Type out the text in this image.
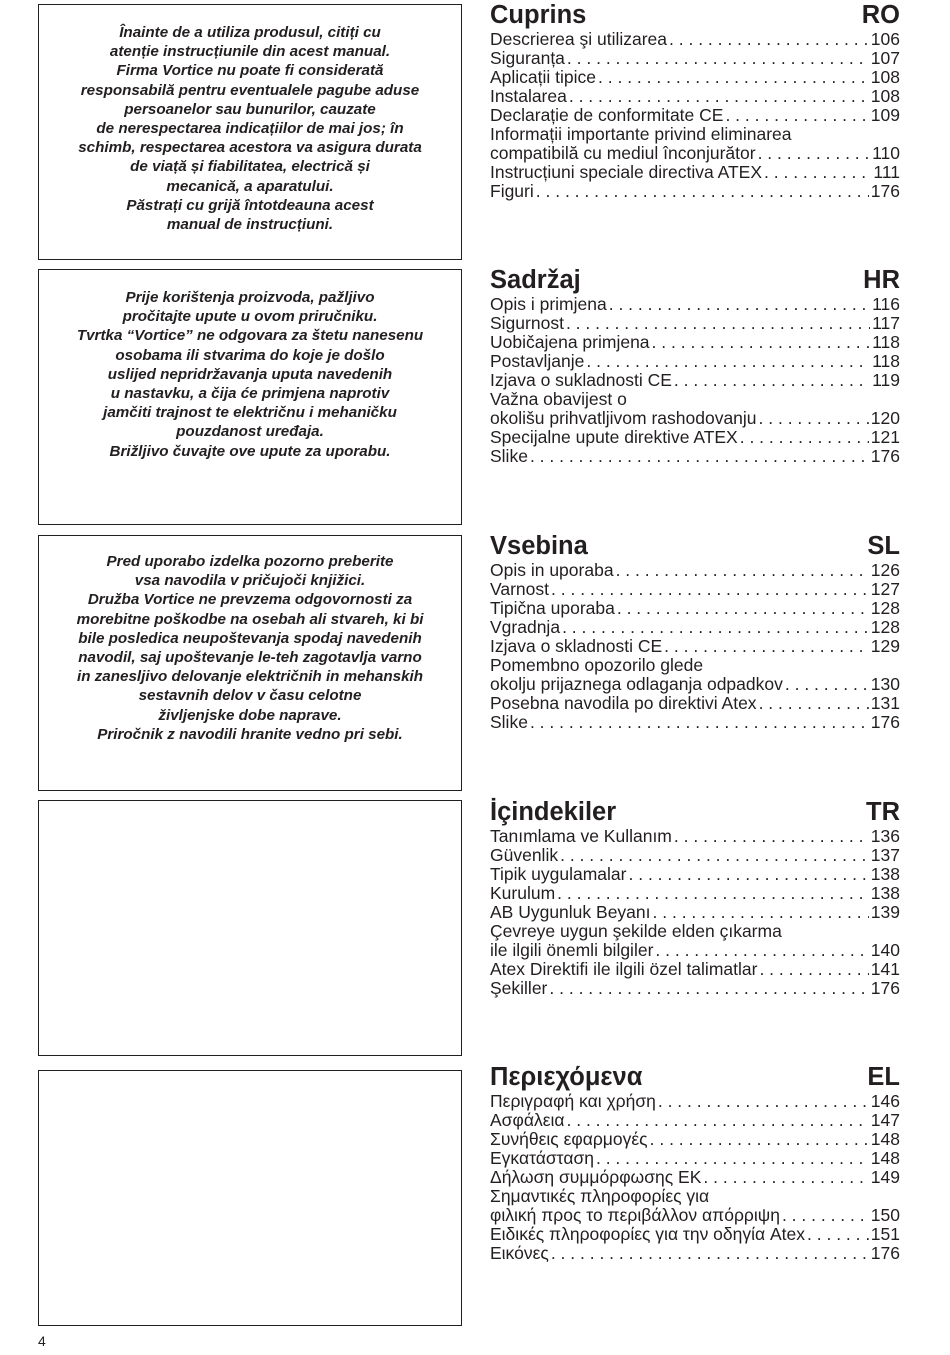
Înainte de a utiliza produsul, citiți cu
atenție instrucțiunile din acest manual.
Firma Vortice nu poate fi considerată
responsabilă pentru eventualele pagube aduse
persoanelor sau bunurilor, cauzate
de nerespectarea indicațiilor de mai jos; în
schimb, respectarea acestora va asigura durata
de viață și fiabilitatea, electrică și
mecanică, a aparatului.
Păstrați cu grijă întotdeauna acest
manual de instrucțiuni.
Prije korištenja proizvoda, pažljivo
pročitajte upute u ovom priručniku.
Tvrtka “Vortice” ne odgovara za štetu nanesenu
osobama ili stvarima do koje je došlo
uslijed nepridržavanja uputa navedenih
u nastavku, a čija će primjena naprotiv
jamčiti trajnost te električnu i mehaničku
pouzdanost uređaja.
Brižljivo čuvajte ove upute za uporabu.
Pred uporabo izdelka pozorno preberite
vsa navodila v pričujoči knjižici.
Družba Vortice ne prevzema odgovornosti za
morebitne poškodbe na osebah ali stvareh, ki bi
bile posledica neupoštevanja spodaj navedenih
navodil, saj upoštevanje le-teh zagotavlja varno
in zanesljivo delovanje električnih in mehanskih
sestavnih delov v času celotne
življenjske dobe naprave.
Priročnik z navodili hranite vedno pri sebi.
Cuprins	RO
Descrierea şi utilizarea . . .	106
Siguranța . . .	107
Aplicații tipice . . .	108
Instalarea . . .	108
Declarație de conformitate CE . . .	109
Informații importante privind eliminarea
compatibilă cu mediul înconjurător . . .	110
Instrucțiuni speciale directiva ATEX . . .	111
Figuri . . .	176
Sadržaj	HR
Opis i primjena . . .	116
Sigurnost . . .	117
Uobičajena primjena . . .	118
Postavljanje . . .	118
Izjava o sukladnosti CE . . .	119
Važna obavijest o
okolišu prihvatljivom rashodovanju . . .	120
Specijalne upute direktive ATEX . . .	121
Slike . . .	176
Vsebina	SL
Opis in uporaba . . .	126
Varnost . . .	127
Tipična uporaba . . .	128
Vgradnja . . .	128
Izjava o skladnosti CE . . .	129
Pomembno opozorilo glede
okolju prijaznega odlaganja odpadkov . . .	130
Posebna navodila po direktivi Atex . . .	131
Slike . . .	176
İçindekiler	TR
Tanımlama ve Kullanım . . .	136
Güvenlik . . .	137
Tipik uygulamalar . . .	138
Kurulum . . .	138
AB Uygunluk Beyanı . . .	139
Çevreye uygun şekilde elden çıkarma
ile ilgili önemli bilgiler . . .	140
Atex Direktifi ile ilgili özel talimatlar . . .	141
Şekiller . . .	176
Περιεχόμενα	EL
Περιγραφή και χρήση . . .	146
Ασφάλεια . . .	147
Συνήθεις εφαρμογές . . .	148
Εγκατάσταση . . .	148
Δήλωση συμμόρφωσης ΕΚ . . .	149
Σημαντικές πληροφορίες για
φιλική προς το περιβάλλον απόρριψη . . .	150
Ειδικές πληροφορίες για την οδηγία Atex . . .	151
Εικόνες . . .	176
4
